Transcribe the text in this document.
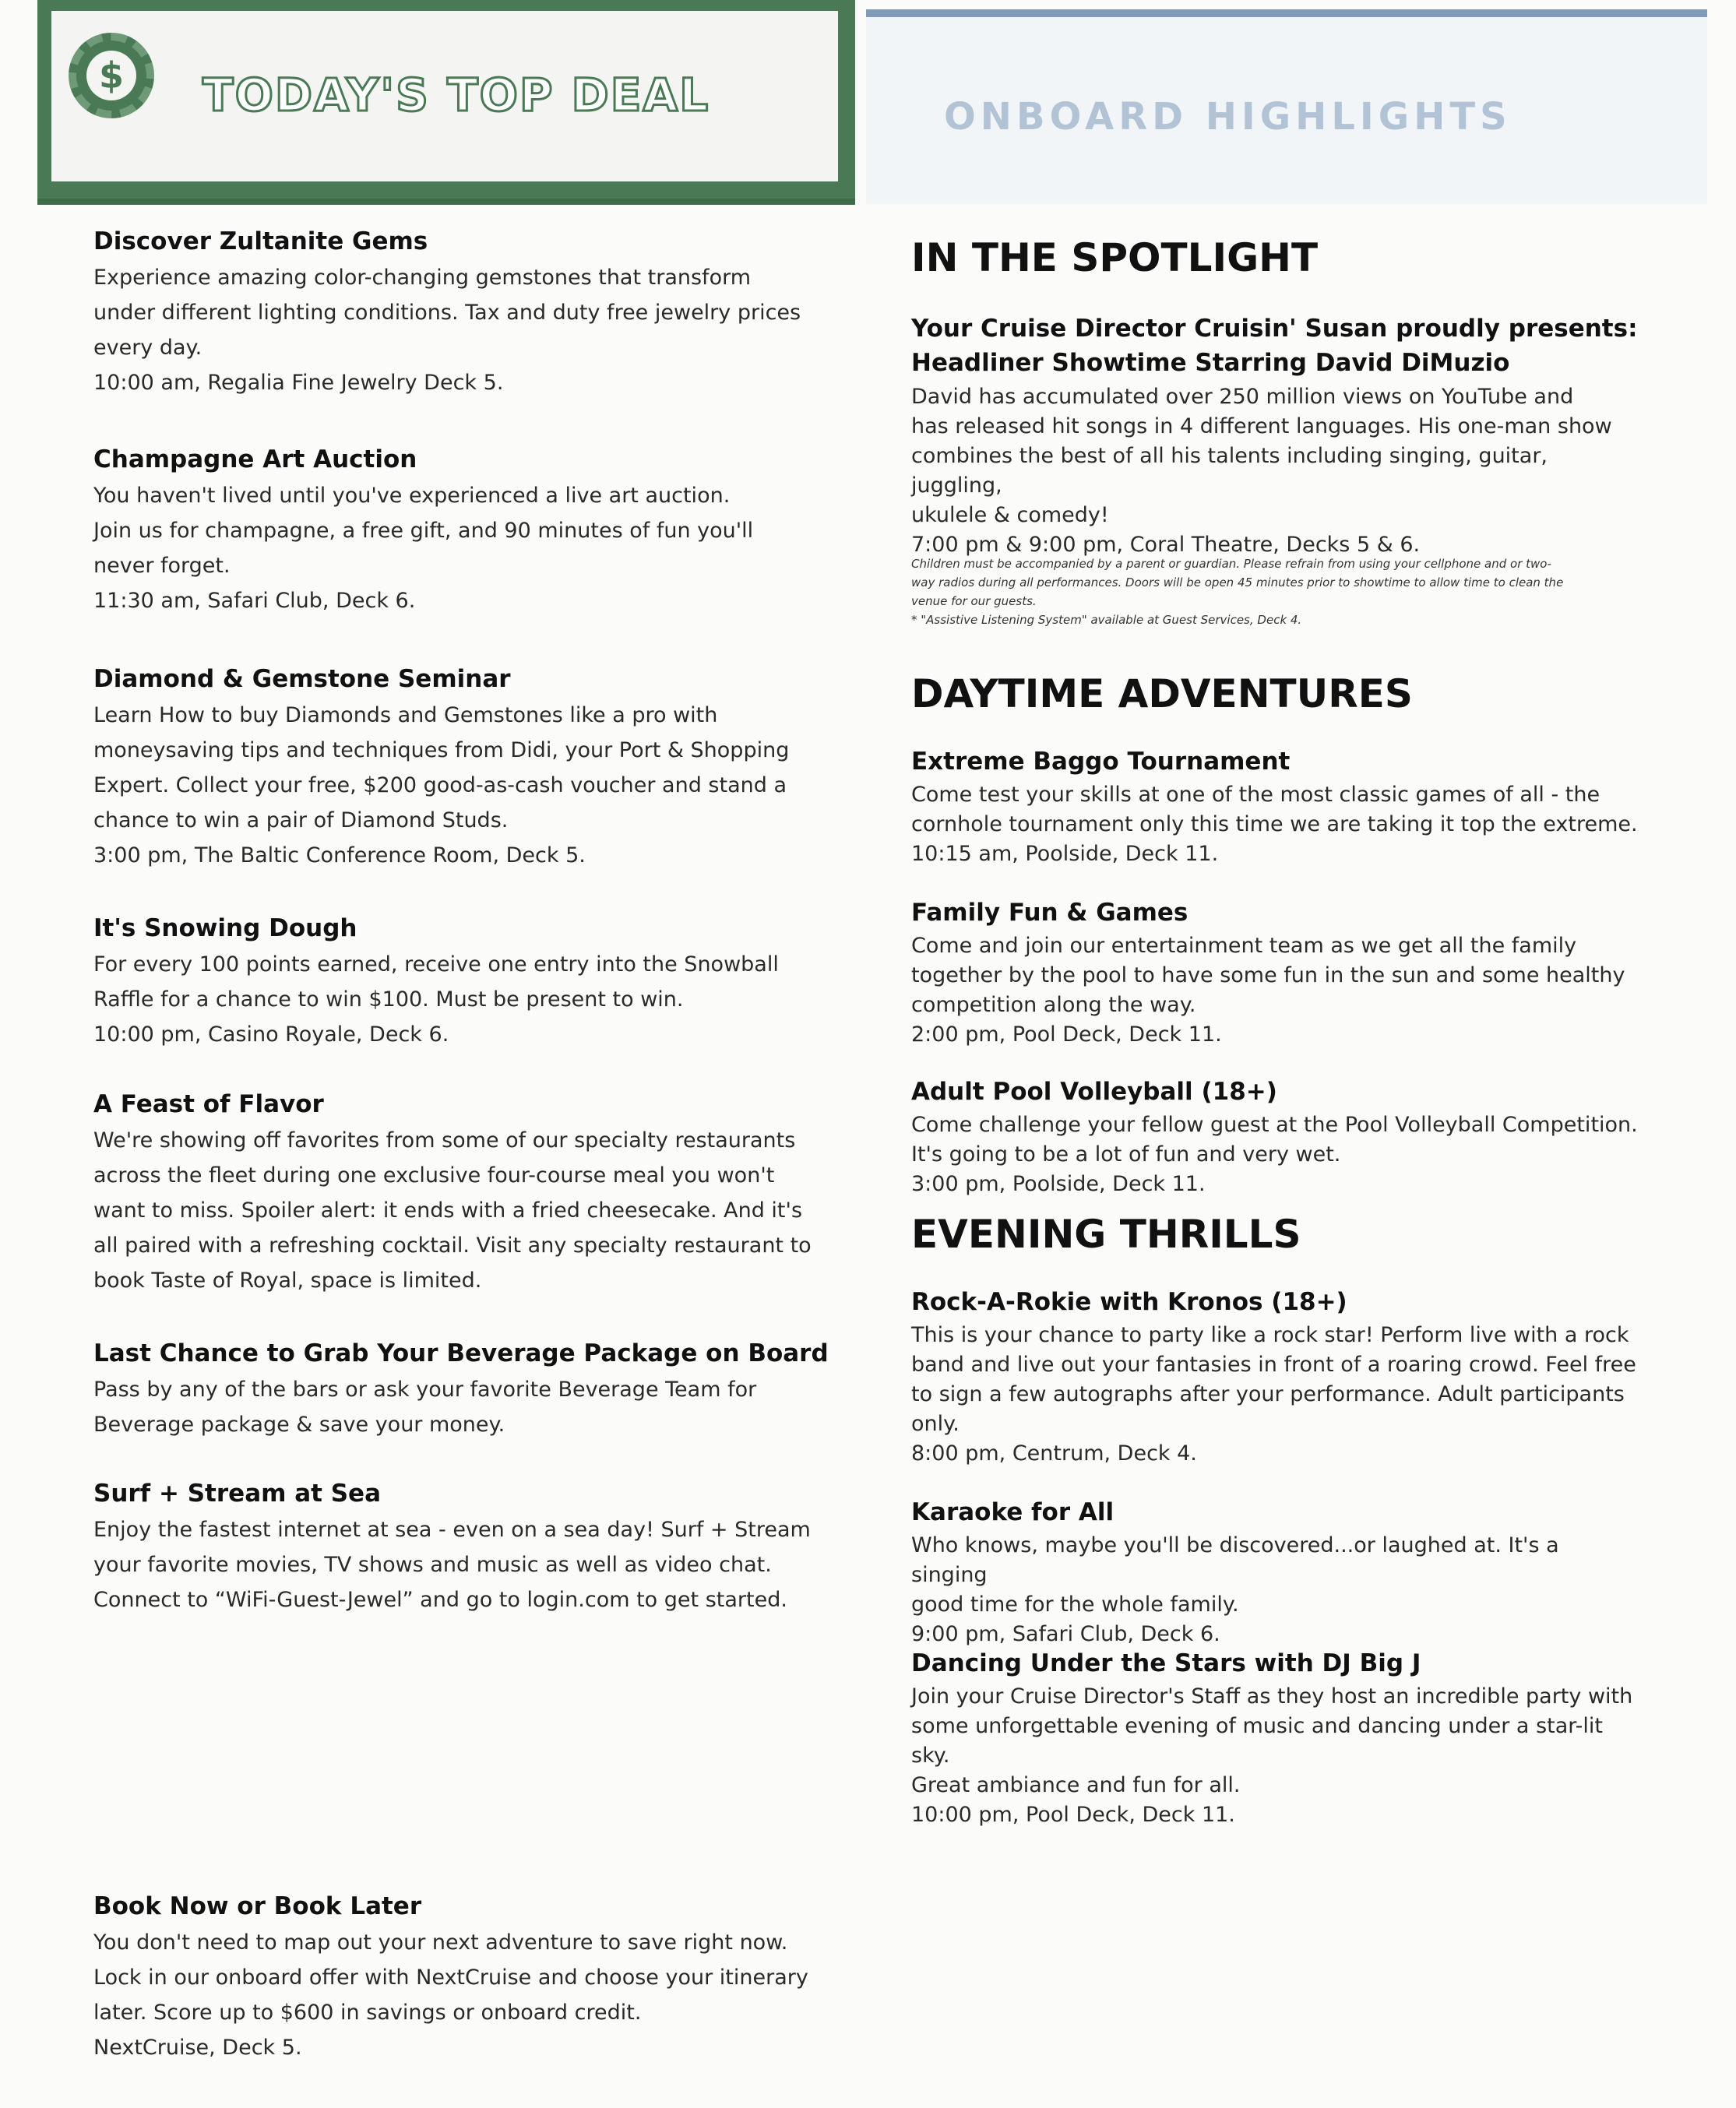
$ TODAY'S TOP DEAL	ONBOARD HIGHLIGHTS
Discover Zultanite Gems

Experience amazing color-changing gemstones that transform

under different lighting conditions. Tax and duty free jewelry prices

every day.

10:00 am, Regalia Fine Jewelry Deck 5.

Champagne Art Auction

You haven't lived until you've experienced a live art auction.

Join us for champagne, a free gift, and 90 minutes of fun you'll

never forget.

11:30 am, Safari Club, Deck 6.

Diamond & Gemstone Seminar

Learn How to buy Diamonds and Gemstones like a pro with

moneysaving tips and techniques from Didi, your Port & Shopping

Expert. Collect your free, $200 good-as-cash voucher and stand a

chance to win a pair of Diamond Studs.

3:00 pm, The Baltic Conference Room, Deck 5.

It's Snowing Dough

For every 100 points earned, receive one entry into the Snowball

Raffle for a chance to win $100. Must be present to win.

10:00 pm, Casino Royale, Deck 6.

A Feast of Flavor

We're showing off favorites from some of our specialty restaurants

across the fleet during one exclusive four-course meal you won't

want to miss. Spoiler alert: it ends with a fried cheesecake. And it's

all paired with a refreshing cocktail. Visit any specialty restaurant to

book Taste of Royal, space is limited.

Last Chance to Grab Your Beverage Package on Board

Pass by any of the bars or ask your favorite Beverage Team for

Beverage package & save your money.

Surf + Stream at Sea

Enjoy the fastest internet at sea - even on a sea day! Surf + Stream

your favorite movies, TV shows and music as well as video chat.

Connect to “WiFi-Guest-Jewel” and go to login.com to get started.

Book Now or Book Later

You don't need to map out your next adventure to save right now.

Lock in our onboard offer with NextCruise and choose your itinerary

later. Score up to $600 in savings or onboard credit.

NextCruise, Deck 5.

IN THE SPOTLIGHT
Your Cruise Director Cruisin' Susan proudly presents:
Headliner Showtime Starring David DiMuzio

David has accumulated over 250 million views on YouTube and

has released hit songs in 4 different languages. His one-man show

combines the best of all his talents including singing, guitar, juggling,

ukulele & comedy!

7:00 pm & 9:00 pm, Coral Theatre, Decks 5 & 6.

Children must be accompanied by a parent or guardian. Please refrain from using your cellphone and or two-
way radios during all performances. Doors will be open 45 minutes prior to showtime to allow time to clean the
venue for our guests.
* "Assistive Listening System" available at Guest Services, Deck 4.
DAYTIME ADVENTURES
Extreme Baggo Tournament

Come test your skills at one of the most classic games of all - the

cornhole tournament only this time we are taking it top the extreme.

10:15 am, Poolside, Deck 11.

Family Fun & Games

Come and join our entertainment team as we get all the family

together by the pool to have some fun in the sun and some healthy

competition along the way.

2:00 pm, Pool Deck, Deck 11.

Adult Pool Volleyball (18+)

Come challenge your fellow guest at the Pool Volleyball Competition.

It's going to be a lot of fun and very wet.

3:00 pm, Poolside, Deck 11.

EVENING THRILLS
Rock-A-Rokie with Kronos (18+)

This is your chance to party like a rock star! Perform live with a rock

band and live out your fantasies in front of a roaring crowd. Feel free

to sign a few autographs after your performance. Adult participants

only.

8:00 pm, Centrum, Deck 4.

Karaoke for All

Who knows, maybe you'll be discovered...or laughed at. It's a singing

good time for the whole family.

9:00 pm, Safari Club, Deck 6.

Dancing Under the Stars with DJ Big J

Join your Cruise Director's Staff as they host an incredible party with

some unforgettable evening of music and dancing under a star-lit sky.

Great ambiance and fun for all.

10:00 pm, Pool Deck, Deck 11.
